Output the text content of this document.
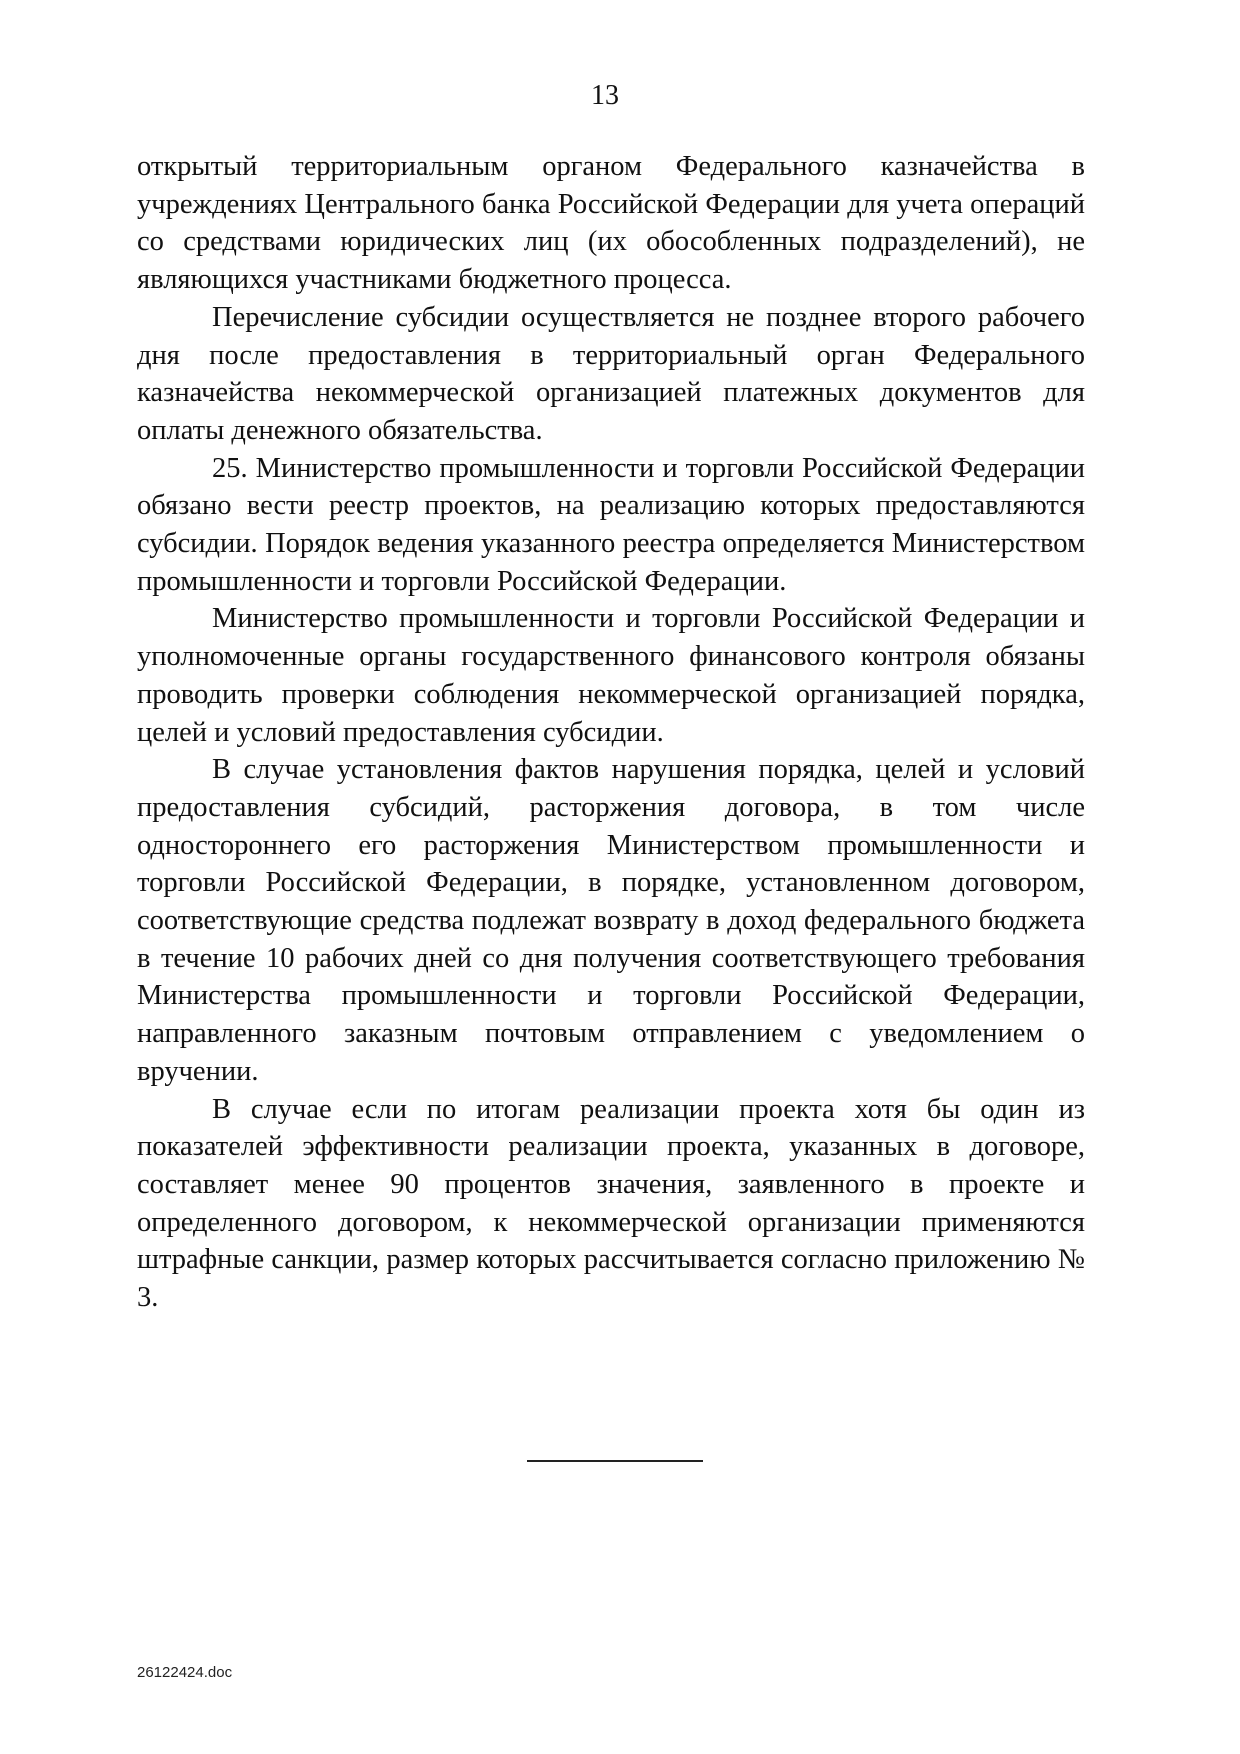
13

открытый территориальным органом Федерального казначейства в учреждениях Центрального банка Российской Федерации для учета операций со средствами юридических лиц (их обособленных подразделений), не являющихся участниками бюджетного процесса.

Перечисление субсидии осуществляется не позднее второго рабочего дня после предоставления в территориальный орган Федерального казначейства некоммерческой организацией платежных документов для оплаты денежного обязательства.

25. Министерство промышленности и торговли Российской Федерации обязано вести реестр проектов, на реализацию которых предоставляются субсидии. Порядок ведения указанного реестра определяется Министерством промышленности и торговли Российской Федерации.

Министерство промышленности и торговли Российской Федерации и уполномоченные органы государственного финансового контроля обязаны проводить проверки соблюдения некоммерческой организацией порядка, целей и условий предоставления субсидии.

В случае установления фактов нарушения порядка, целей и условий предоставления субсидий, расторжения договора, в том числе одностороннего его расторжения Министерством промышленности и торговли Российской Федерации, в порядке, установленном договором, соответствующие средства подлежат возврату в доход федерального бюджета в течение 10 рабочих дней со дня получения соответствующего требования Министерства промышленности и торговли Российской Федерации, направленного заказным почтовым отправлением с уведомлением о вручении.

В случае если по итогам реализации проекта хотя бы один из показателей эффективности реализации проекта, указанных в договоре, составляет менее 90 процентов значения, заявленного в проекте и определенного договором, к некоммерческой организации применяются штрафные санкции, размер которых рассчитывается согласно приложению № 3.

26122424.doc
